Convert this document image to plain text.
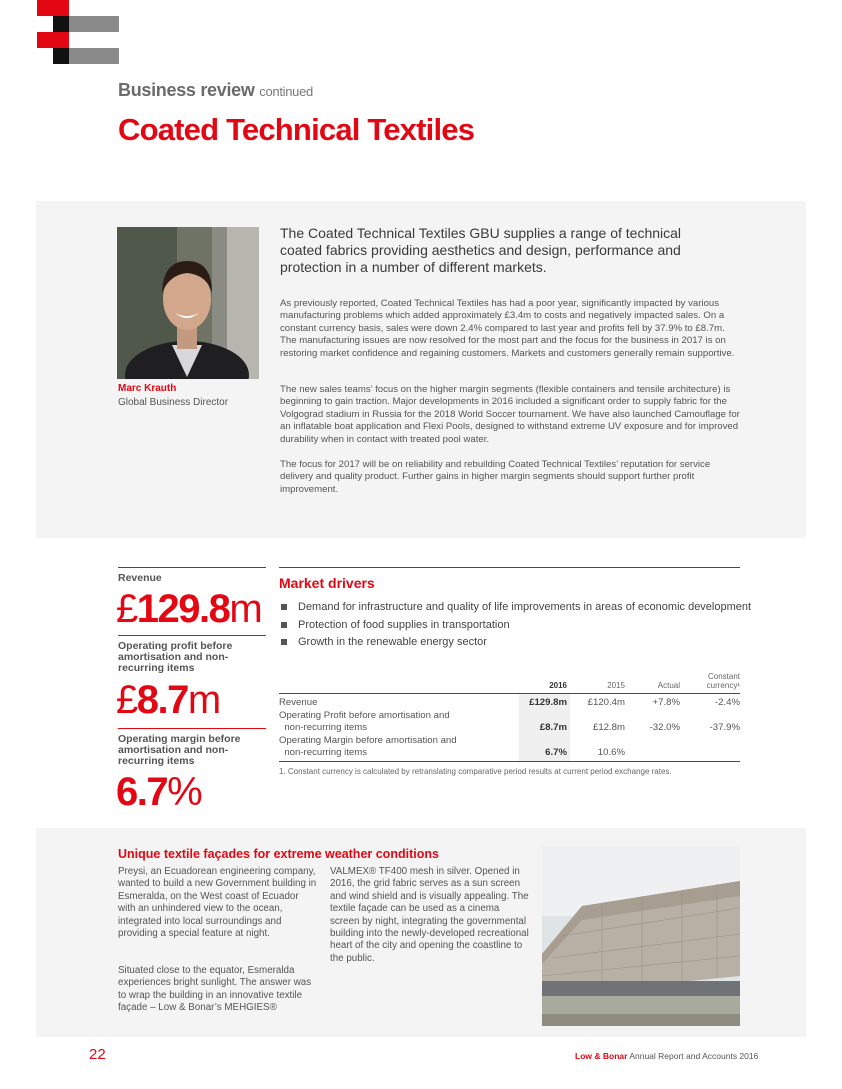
Business review continued
Coated Technical Textiles
Marc Krauth
Global Business Director
The Coated Technical Textiles GBU supplies a range of technical coated fabrics providing aesthetics and design, performance and protection in a number of different markets.
As previously reported, Coated Technical Textiles has had a poor year, significantly impacted by various manufacturing problems which added approximately £3.4m to costs and negatively impacted sales. On a constant currency basis, sales were down 2.4% compared to last year and profits fell by 37.9% to £8.7m. The manufacturing issues are now resolved for the most part and the focus for the business in 2017 is on restoring market confidence and regaining customers. Markets and customers generally remain supportive.
The new sales teams’ focus on the higher margin segments (flexible containers and tensile architecture) is beginning to gain traction. Major developments in 2016 included a significant order to supply fabric for the Volgograd stadium in Russia for the 2018 World Soccer tournament. We have also launched Camouflage for an inflatable boat application and Flexi Pools, designed to withstand extreme UV exposure and for improved durability when in contact with treated pool water.
The focus for 2017 will be on reliability and rebuilding Coated Technical Textiles’ reputation for service delivery and quality product. Further gains in higher margin segments should support further profit improvement.
Revenue
£129.8m
Operating profit before amortisation and non-recurring items
£8.7m
Operating margin before amortisation and non-recurring items
6.7%
Market drivers
Demand for infrastructure and quality of life improvements in areas of economic development
Protection of food supplies in transportation
Growth in the renewable energy sector
	2016	2015	Actual	Constant
currency¹
Revenue	£129.8m	£120.4m	+7.8%	-2.4%
Operating Profit before amortisation and
non-recurring items	£8.7m	£12.8m	-32.0%	-37.9%
Operating Margin before amortisation and
non-recurring items	6.7%	10.6%		
1. Constant currency is calculated by retranslating comparative period results at current period exchange rates.
Unique textile façades for extreme weather conditions
Preysi, an Ecuadorean engineering company, wanted to build a new Government building in Esmeralda, on the West coast of Ecuador with an unhindered view to the ocean, integrated into local surroundings and providing a special feature at night.
Situated close to the equator, Esmeralda experiences bright sunlight. The answer was to wrap the building in an innovative textile façade – Low & Bonar’s MEHGIES®
VALMEX® TF400 mesh in silver. Opened in 2016, the grid fabric serves as a sun screen and wind shield and is visually appealing. The textile façade can be used as a cinema screen by night, integrating the governmental building into the newly-developed recreational heart of the city and opening the coastline to the public.
22	Low & Bonar Annual Report and Accounts 2016
